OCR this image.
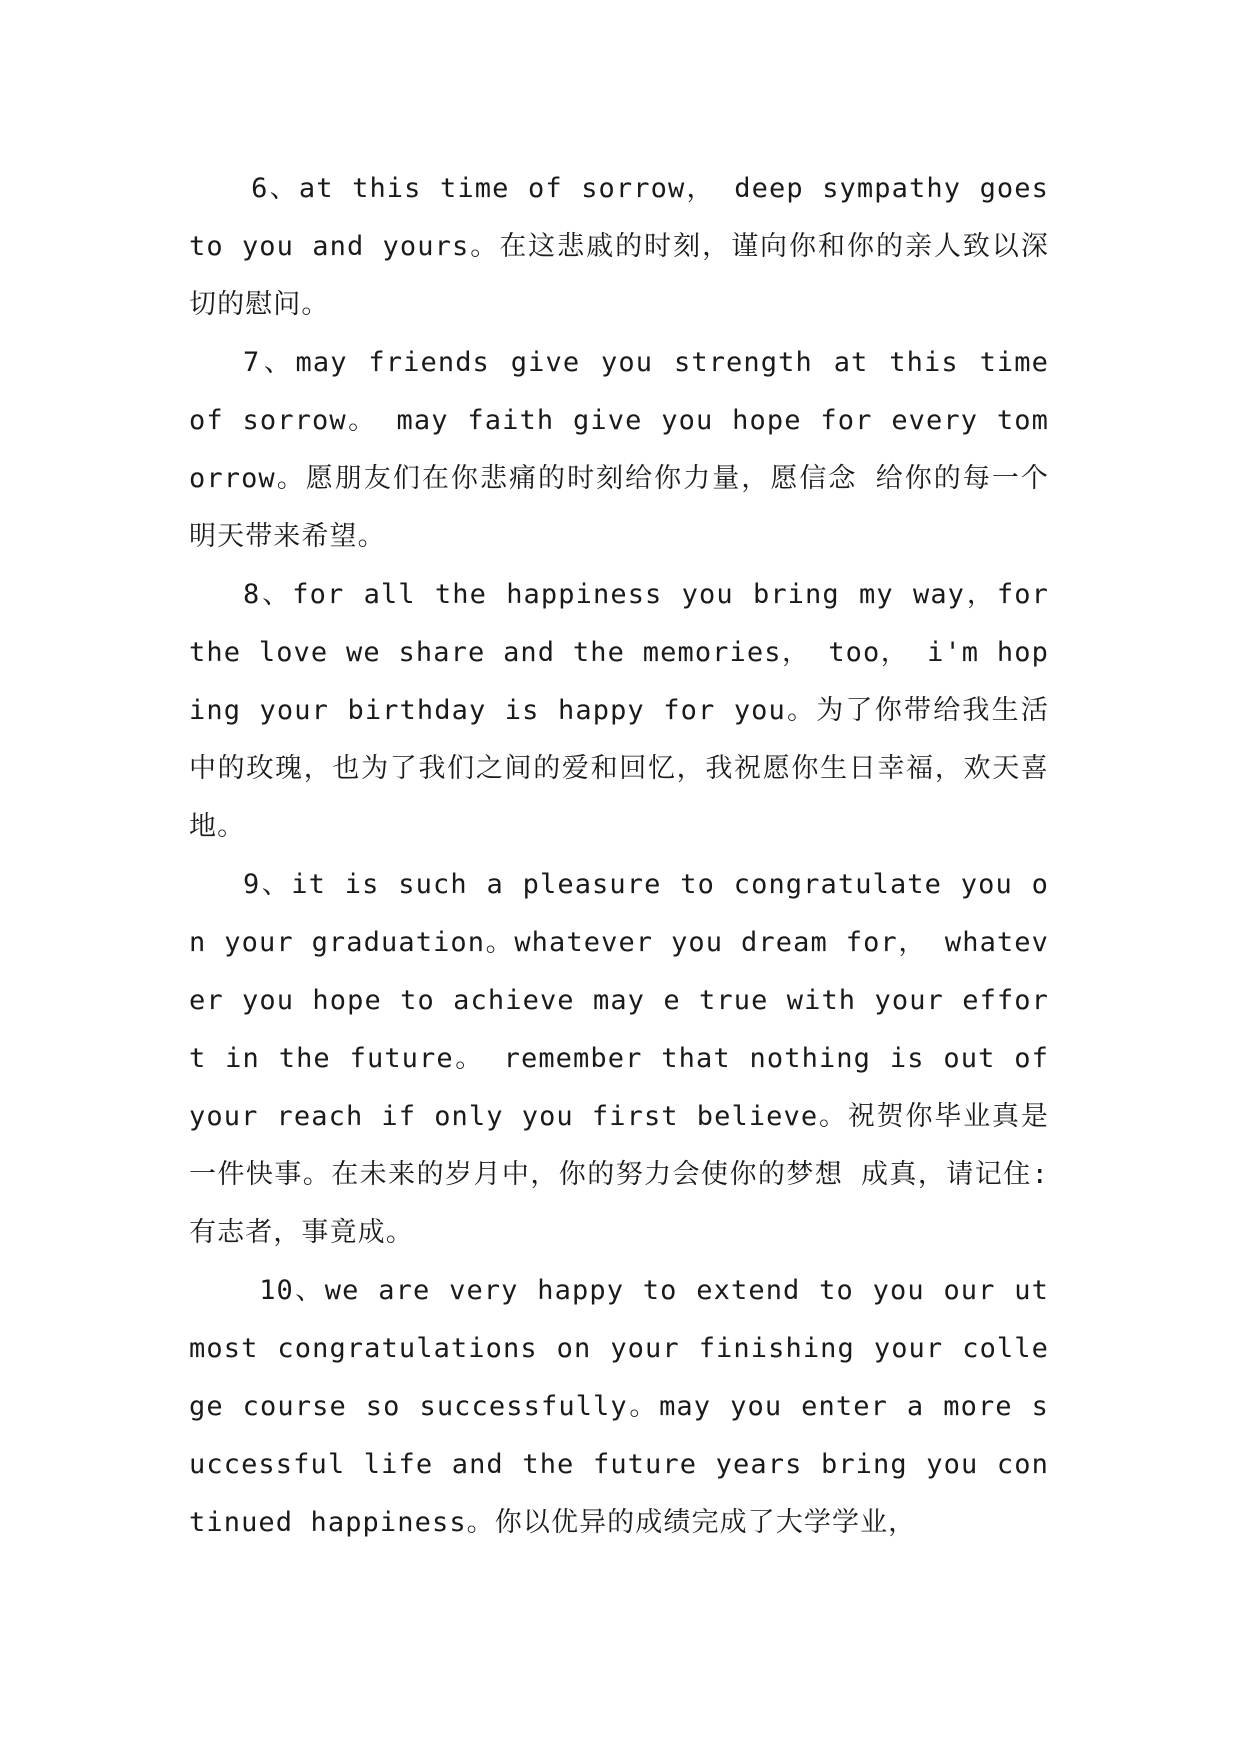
6、at this time of sorrow， deep sympathy goes to you and yours。在这悲戚的时刻，谨向你和你的亲人致以深切的慰问。

7、may friends give you strength at this time of sorrow。 may faith give you hope for every tomorrow。愿朋友们在你悲痛的时刻给你力量，愿信念 给你的每一个明天带来希望。

8、for all the happiness you bring my way，for the love we share and the memories， too， i'm hoping your birthday is happy for you。为了你带给我生活中的玫瑰，也为了我们之间的爱和回忆，我祝愿你生日幸福，欢天喜地。

9、it is such a pleasure to congratulate you on your graduation。whatever you dream for， whatever you hope to achieve may e true with your effort in the future。 remember that nothing is out of your reach if only you first believe。祝贺你毕业真是一件快事。在未来的岁月中，你的努力会使你的梦想 成真，请记住:有志者，事竟成。

10、we are very happy to extend to you our utmost congratulations on your finishing your college course so successfully。may you enter a more successful life and the future years bring you continued happiness。你以优异的成绩完成了大学学业，
